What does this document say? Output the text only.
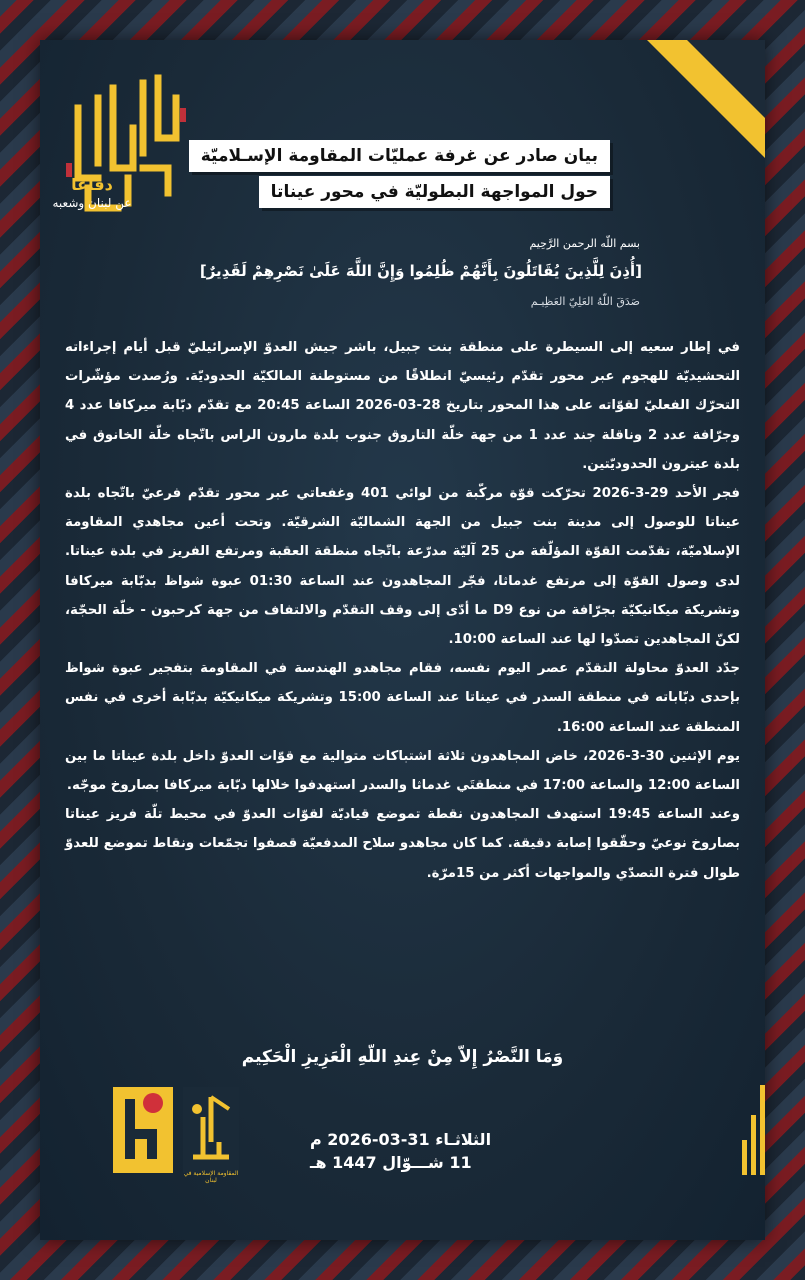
دفاعًا
عن لبنان وشعبه
بيان صادر عن غرفة عمليّات المقاومة الإسـلاميّة
حول المواجهة البطوليّة في محور عيناتا
بسم اللّه الرحمن الرَّحِيم
[أُذِنَ لِلَّذِينَ يُقَاتَلُونَ بِأَنَّهُمْ ظُلِمُوا وَإِنَّ اللَّهَ عَلَىٰ نَصْرِهِمْ لَقَدِيرٌ]
صَدَقَ اللّهُ العَلِيّ العَظِيـم

في إطار سعيه إلى السيطرة على منطقة بنت جبيل، باشر جيش العدوّ الإسرائيليّ قبل أيام إجراءاته التحشيديّة للهجوم عبر محور تقدّم رئيسيّ انطلاقًا من مستوطنة المالكيّة الحدوديّة. ورُصدت مؤشّرات التحرّك الفعليّ لقوّاته على هذا المحور بتاريخ 28-03-2026 الساعة 20:45 مع تقدّم دبّابة ميركافا عدد 4 وجرّافة عدد 2 وناقلة جند عدد 1 من جهة خلّة التاروق جنوب بلدة مارون الراس باتّجاه خلّة الخانوق في بلدة عيترون الحدوديّتين.

فجر الأحد 29-3-2026 تحرّكت قوّة مركّبة من لوائي 401 وغفعاتي عبر محور تقدّم فرعيّ باتّجاه بلدة عيناتا للوصول إلى مدينة بنت جبيل من الجهة الشماليّة الشرقيّة. وتحت أعين مجاهدي المقاومة الإسلاميّة، تقدّمت القوّة المؤلّفة من 25 آليّة مدرّعة باتّجاه منطقة العقبة ومرتفع الفريز في بلدة عيناتا. لدى وصول القوّة إلى مرتفع غدماثا، فجّر المجاهدون عند الساعة 01:30 عبوة شواظ بدبّابة ميركافا وتشريكة ميكانيكيّة بجرّافة من نوع D9 ما أدّى إلى وقف التقدّم والالتفاف من جهة كرحبون - خلّة الحجّة، لكنّ المجاهدين تصدّوا لها عند الساعة 10:00.

جدّد العدوّ محاولة التقدّم عصر اليوم نفسه، فقام مجاهدو الهندسة في المقاومة بتفجير عبوة شواظ بإحدى دبّاباته في منطقة السدر في عيناتا عند الساعة 15:00 وتشريكة ميكانيكيّة بدبّابة أخرى في نفس المنطقة عند الساعة 16:00.

يوم الإثنين 30-3-2026، خاض المجاهدون ثلاثة اشتباكات متوالية مع قوّات العدوّ داخل بلدة عيناتا ما بين الساعة 12:00 والساعة 17:00 في منطقتَي غدماثا والسدر استهدفوا خلالها دبّابة ميركافا بصاروخ موجّه.

وعند الساعة 19:45 استهدف المجاهدون نقطة تموضع قياديّة لقوّات العدوّ في محيط تلّة فريز عيناتا بصاروخ نوعيّ وحقّقوا إصابة دقيقة. كما كان مجاهدو سلاح المدفعيّة قصفوا تجمّعات ونقاط تموضع للعدوّ طوال فترة التصدّي والمواجهات أكثر من 15مرّة.

وَمَا النَّصْرُ إِلاّ مِنْ عِندِ اللّهِ الْعَزِيزِ الْحَكِيم
المقاومة الإسلامية في لبنان
الثلاثـاء 31-03-2026 م
11 شـــوّال 1447 هـ
